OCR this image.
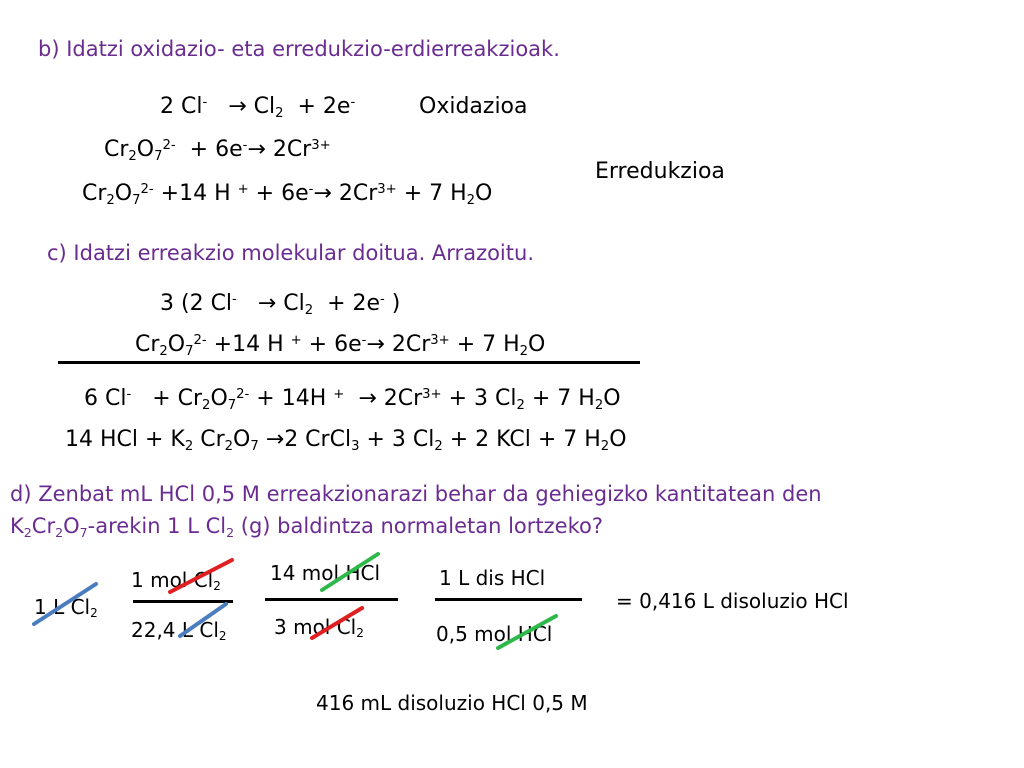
b) Idatzi oxidazio- eta erredukzio-erdierreakzioak.
2 $Cl^- \to Cl_2 + 2e^-$	Oxidazioa
$Cr_2O_7^{2-} + 6e^-\to 2Cr^{3+}$
Erredukzioa
$Cr_2O_7^{2-} +14$ H $^+ + 6e^-\to 2Cr^{3+} + 7$ $H_2O$
c) Idatzi erreakzio molekular doitua. Arrazoitu.
3 (2 $Cl^- \to Cl_2 + 2e^-$ )
$Cr_2O_7^{2-} +14$ H $^+ + 6e^-\to 2Cr^{3+} + 7$ $H_2O$
6 $Cl^- + Cr_2O_7^{2-} + 14H$ $^+ \to 2Cr^{3+} + 3$ $Cl_2 + 7$ $H_2O$
14 HCl + $K_2$ $Cr_2O_7 \to 2$ CrCl$_3$ + 3 $Cl_2 + 2$ KCl + 7 $H_2O$
d) Zenbat mL HCl 0,5 M erreakzionarazi behar da gehiegizko kantitatean den
$K_2Cr_2O_7$-arekin 1 L $Cl_2$ (g) baldintza normaletan lortzeko?
1 L $Cl_2$
1 mol $Cl_2$
22,4 L $Cl_2$
14 mol HCl
3 mol $Cl_2$
1 L dis HCl
0,5 mol HCl
= 0,416 L disoluzio HCl
416 mL disoluzio HCl 0,5 M
